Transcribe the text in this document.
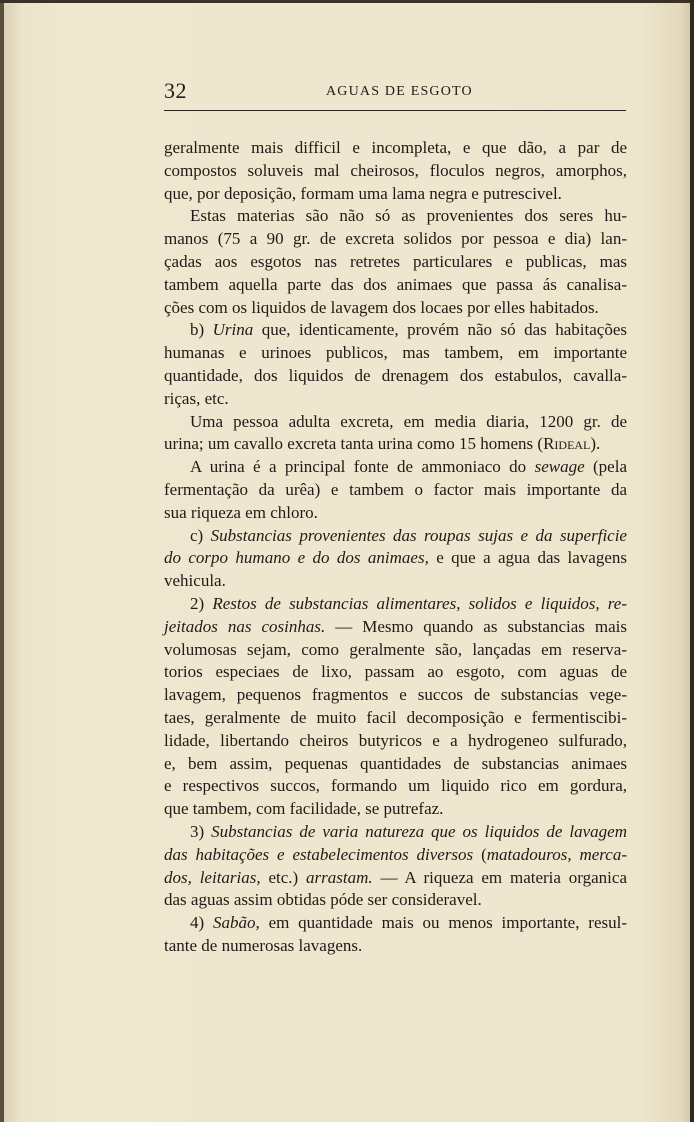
32	AGUAS DE ESGOTO
geralmente mais difficil e incompleta, e que dão, a par de
compostos soluveis mal cheirosos, floculos negros, amorphos,
que, por deposição, formam uma lama negra e putrescivel.
Estas materias são não só as provenientes dos seres hu-
manos (75 a 90 gr. de excreta solidos por pessoa e dia) lan-
çadas aos esgotos nas retretes particulares e publicas, mas
tambem aquella parte das dos animaes que passa ás canalisa-
ções com os liquidos de lavagem dos locaes por elles habitados.
b) Urina que, identicamente, provém não só das habitações
humanas e urinoes publicos, mas tambem, em importante
quantidade, dos liquidos de drenagem dos estabulos, cavalla-
riças, etc.
Uma pessoa adulta excreta, em media diaria, 1200 gr. de
urina; um cavallo excreta tanta urina como 15 homens (Rideal).
A urina é a principal fonte de ammoniaco do sewage (pela
fermentação da urêa) e tambem o factor mais importante da
sua riqueza em chloro.
c) Substancias provenientes das roupas sujas e da superficie
do corpo humano e do dos animaes, e que a agua das lavagens
vehicula.
2) Restos de substancias alimentares, solidos e liquidos, re-
jeitados nas cosinhas. — Mesmo quando as substancias mais
volumosas sejam, como geralmente são, lançadas em reserva-
torios especiaes de lixo, passam ao esgoto, com aguas de
lavagem, pequenos fragmentos e succos de substancias vege-
taes, geralmente de muito facil decomposição e fermentiscibi-
lidade, libertando cheiros butyricos e a hydrogeneo sulfurado,
e, bem assim, pequenas quantidades de substancias animaes
e respectivos succos, formando um liquido rico em gordura,
que tambem, com facilidade, se putrefaz.
3) Substancias de varia natureza que os liquidos de lavagem
das habitações e estabelecimentos diversos (matadouros, merca-
dos, leitarias, etc.) arrastam. — A riqueza em materia organica
das aguas assim obtidas póde ser consideravel.
4) Sabão, em quantidade mais ou menos importante, resul-
tante de numerosas lavagens.
